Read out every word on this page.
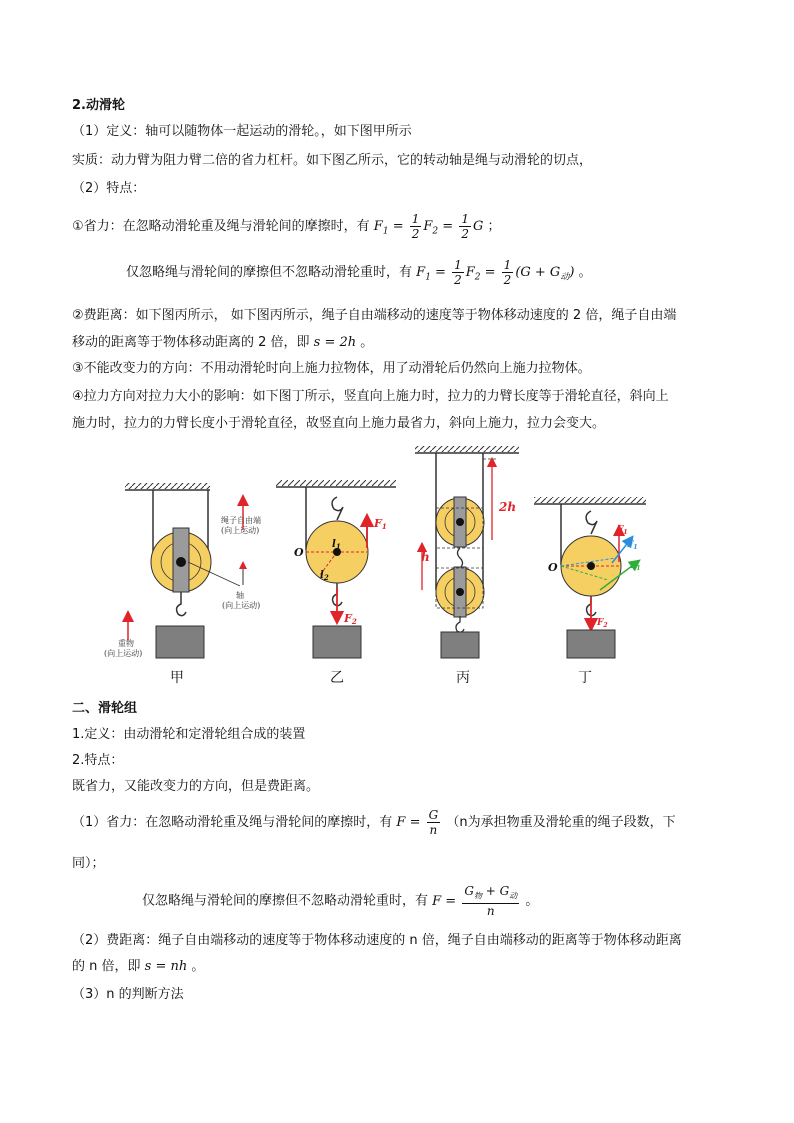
2.动滑轮
（1）定义：轴可以随物体一起运动的滑轮。，如下图甲所示
实质：动力臂为阻力臂二倍的省力杠杆。如下图乙所示，它的转动轴是绳与动滑轮的切点，
（2）特点：
①省力：在忽略动滑轮重及绳与滑轮间的摩擦时，有 $F_1 = \frac{1}{2} F_2 = \frac{1}{2}$ G ；
仅忽略绳与滑轮间的摩擦但不忽略动滑轮重时，有 $F_1 = \frac{1}{2} F_2 = \frac{1}{2} (G + G_动)$ 。
②费距离：如下图丙所示， 如下图丙所示，绳子自由端移动的速度等于物体移动速度的 2 倍，绳子自由端
移动的距离等于物体移动距离的 2 倍，即 s = 2h 。
③不能改变力的方向：不用动滑轮时向上施力拉物体，用了动滑轮后仍然向上施力拉物体。
④拉力方向对拉力大小的影响：如下图丁所示，竖直向上施力时，拉力的力臂长度等于滑轮直径，斜向上
施力时，拉力的力臂长度小于滑轮直径，故竖直向上施力最省力，斜向上施力，拉力会变大。
绳子自由端
(向上运动)
轴
(向上运动)
重物
(向上运动)
O
$l_1$
$l_2$
F1
F2
2h
h
O
$F_1$
$F_1$
$F_1$
$F_2$
甲	乙	丙	丁
二、滑轮组
1.定义：由动滑轮和定滑轮组合成的装置
2.特点：
既省力，又能改变力的方向，但是费距离。
（1）省力：在忽略动滑轮重及绳与滑轮间的摩擦时，有 $F = \frac{G}{n} (n$为承担物重及滑轮重的绳子段数，下
同）；
仅忽略绳与滑轮间的摩擦但不忽略动滑轮重时，有 $F = \frac{G_物 + G_动}{n}$ 。
（2）费距离：绳子自由端移动的速度等于物体移动速度的 n 倍，绳子自由端移动的距离等于物体移动距离
的 n 倍，即 s = nh 。
（3）n 的判断方法
